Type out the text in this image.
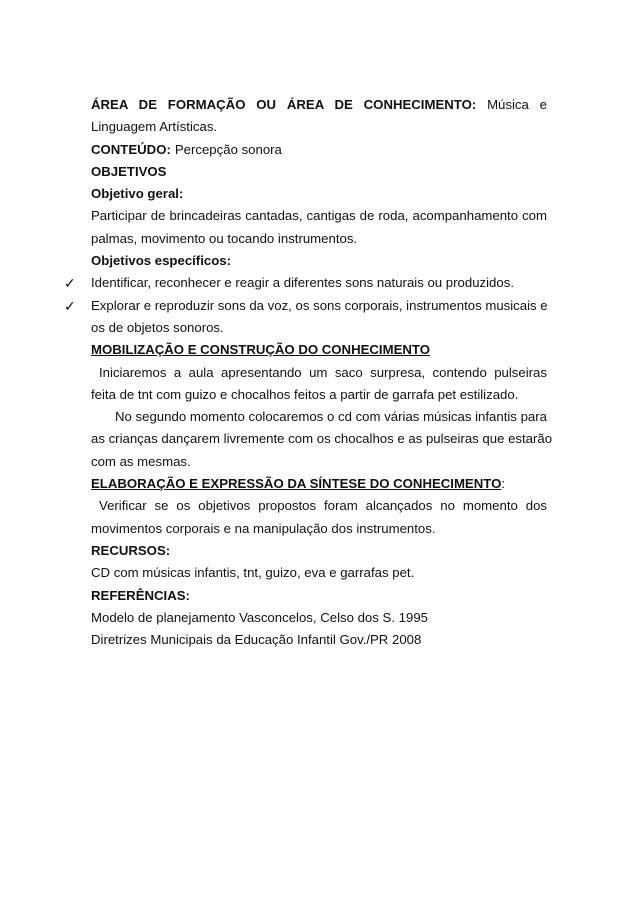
ÁREA DE FORMAÇÃO OU ÁREA DE CONHECIMENTO: Música e
Linguagem Artísticas.
CONTEÚDO: Percepção sonora
OBJETIVOS
Objetivo geral:
Participar de brincadeiras cantadas, cantigas de roda, acompanhamento com
palmas, movimento ou tocando instrumentos.
Objetivos específicos:
✓ Identificar, reconhecer e reagir a diferentes sons naturais ou produzidos.
✓ Explorar e reproduzir sons da voz, os sons corporais, instrumentos musicais e
os de objetos sonoros.
MOBILIZAÇÃO E CONSTRUÇÃO DO CONHECIMENTO
Iniciaremos a aula apresentando um saco surpresa, contendo pulseiras
feita de tnt com guizo e chocalhos feitos a partir de garrafa pet estilizado.
No segundo momento colocaremos o cd com várias músicas infantis para
as crianças dançarem livremente com os chocalhos e as pulseiras que estarão
com as mesmas.
ELABORAÇÃO E EXPRESSÃO DA SÍNTESE DO CONHECIMENTO:
Verificar se os objetivos propostos foram alcançados no momento dos
movimentos corporais e na manipulação dos instrumentos.
RECURSOS:
CD com músicas infantis, tnt, guizo, eva e garrafas pet.
REFERÊNCIAS:
Modelo de planejamento Vasconcelos, Celso dos S. 1995
Diretrizes Municipais da Educação Infantil Gov./PR 2008
